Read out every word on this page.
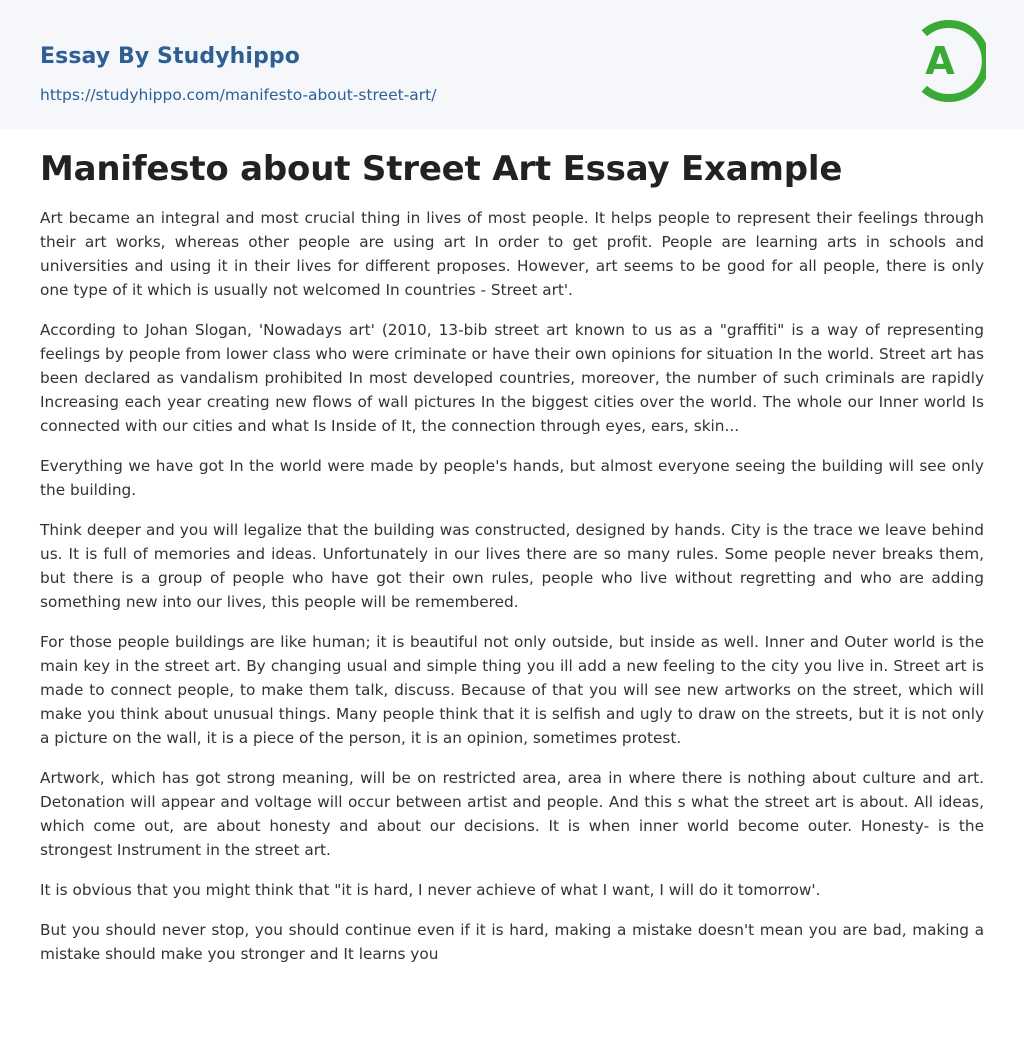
Essay By Studyhippo
https://studyhippo.com/manifesto-about-street-art/
A
Manifesto about Street Art Essay Example

Art became an integral and most crucial thing in lives of most people. It helps people to represent their feelings through their art works, whereas other people are using art In order to get profit. People are learning arts in schools and universities and using it in their lives for different proposes. However, art seems to be good for all people, there is only one type of it which is usually not welcomed In countries - Street art'.

According to Johan Slogan, 'Nowadays art' (2010, 13-bib street art known to us as a "graffiti" is a way of representing feelings by people from lower class who were criminate or have their own opinions for situation In the world. Street art has been declared as vandalism prohibited In most developed countries, moreover, the number of such criminals are rapidly Increasing each year creating new flows of wall pictures In the biggest cities over the world. The whole our Inner world Is connected with our cities and what Is Inside of It, the connection through eyes, ears, skin...

Everything we have got In the world were made by people's hands, but almost everyone seeing the building will see only the building.

Think deeper and you will legalize that the building was constructed, designed by hands. City is the trace we leave behind us. It is full of memories and ideas. Unfortunately in our lives there are so many rules. Some people never breaks them, but there is a group of people who have got their own rules, people who live without regretting and who are adding something new into our lives, this people will be remembered.

For those people buildings are like human; it is beautiful not only outside, but inside as well. Inner and Outer world is the main key in the street art. By changing usual and simple thing you ill add a new feeling to the city you live in. Street art is made to connect people, to make them talk, discuss. Because of that you will see new artworks on the street, which will make you think about unusual things. Many people think that it is selfish and ugly to draw on the streets, but it is not only a picture on the wall, it is a piece of the person, it is an opinion, sometimes protest.

Artwork, which has got strong meaning, will be on restricted area, area in where there is nothing about culture and art. Detonation will appear and voltage will occur between artist and people. And this s what the street art is about. All ideas, which come out, are about honesty and about our decisions. It is when inner world become outer. Honesty- is the strongest Instrument in the street art.

It is obvious that you might think that "it is hard, I never achieve of what I want, I will do it tomorrow'.

But you should never stop, you should continue even if it is hard, making a mistake doesn't mean you are bad, making a mistake should make you stronger and It learns you
